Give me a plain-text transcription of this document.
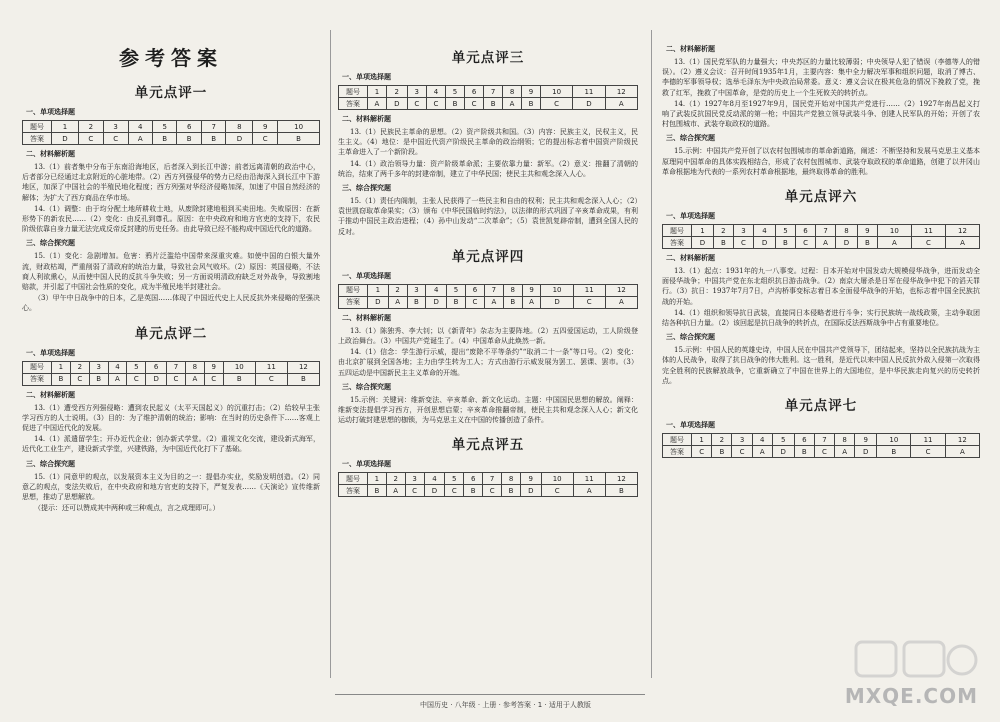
参考答案
单元点评一
一、单项选择题
题号	1	2	3	4	5	6	7	8	9	10
答案	D	C	C	A	B	B	B	D	C	B
二、材料解析题

13.（1）前者集中分布于东南沿海地区，后者深入到长江中游；前者远离清朝的政治中心，后者部分已经通过北京附近的心脏地带。（2）西方列强侵华的势力已经由沿海深入到长江中下游地区，加深了中国社会的半殖民地化程度；西方列强对华经济侵略加深，加速了中国自然经济的解体；为扩大了西方商品在华市场。

14.（1）调整：由于均分配土地所耕收土地，从废除封建地租到买卖田地。失败原因：在新形势下的新农民……（2）变化：由反孔到尊孔。原因：在中央政府和地方官吏的支持下，农民阶级依靠自身力量无法完成反帝反封建的历史任务。由此导致已经不能构成中国近代化的道路。

三、综合探究题

15.（1）变化：急剧增加。危害：鸦片泛滥给中国带来深重灾难。如使中国的白银大量外流，财政枯竭，严重削弱了清政府的统治力量，导致社会风气败坏。（2）原因：英国侵略，不法商人利欲熏心，从而使中国人民的反抗斗争失败；另一方面说明清政府缺乏对外战争，导致割地赔款，并引起了中国社会性质的变化，成为半殖民地半封建社会。

（3）甲午中日战争中的日本，乙是英国……体现了中国近代史上人民反抗外来侵略的坚强决心。

单元点评二
一、单项选择题
题号	1	2	3	4	5	6	7	8	9	10	11	12
答案	B	C	B	A	C	D	C	A	C	B	C	B
二、材料解析题

13.（1）遭受西方列强侵略：遭到农民起义（太平天国起义）的沉重打击；（2）给较早主张学习西方的人士说明。（3）目的：为了维护清朝的统治；影响：在当时的历史条件下……客观上促进了中国近代化的发展。

14.（1）派遣留学生；开办近代企业；创办新式学堂。（2）重视文化交流，建设新式海军，近代化工业生产，建设新式学堂，兴建铁路，为中国近代化打下了基础。

三、综合探究题

15.（1）同意甲的观点，以发展资本主义为目的之一：提倡办实业，奖励发明创造。（2）同意乙的观点，变法失败后，在中央政府和地方官吏的支持下，严复发表……《天演论》宣传维新思想，推动了思想解放。

（提示：还可以赞成其中两种或三种观点，言之成理即可。）

单元点评三
一、单项选择题
题号	1	2	3	4	5	6	7	8	9	10	11	12
答案	A	D	C	C	B	C	B	A	B	C	D	A
二、材料解析题

13.（1）民族民主革命的思想。（2）资产阶级共和国。（3）内容：民族主义，民权主义，民生主义。（4）地位：是中国近代资产阶级民主革命的政治纲领；它的提出标志着中国资产阶级民主革命进入了一个新阶段。

14.（1）政治领导力量：资产阶级革命派；主要依靠力量：新军。（2）意义：推翻了清朝的统治，结束了两千多年的封建帝制，建立了中华民国；使民主共和观念深入人心。

三、综合探究题

15.（1）责任内阁制，主张人民获得了一些民主和自由的权利；民主共和观念深入人心；（2）袁世凯窃取革命果实；（3）颁布《中华民国临时约法》，以法律的形式巩固了辛亥革命成果，有利于推动中国民主政治进程；（4）孙中山发动“二次革命”；（5）袁世凯复辟帝制，遭到全国人民的反对。

单元点评四
一、单项选择题
题号	1	2	3	4	5	6	7	8	9	10	11	12
答案	D	A	B	D	B	C	A	B	A	D	C	A
二、材料解析题

13.（1）陈独秀、李大钊；以《新青年》杂志为主要阵地。（2）五四爱国运动，工人阶级登上政治舞台。（3）中国共产党诞生了。（4）中国革命从此焕然一新。

14.（1）信念：学生游行示威，提出“废除不平等条约”“取消二十一条”等口号。（2）变化：由北京扩展到全国各地；主力由学生转为工人；方式由游行示威发展为罢工、罢课、罢市。（3）五四运动是中国新民主主义革命的开端。

三、综合探究题

15.示例：关键词：维新变法、辛亥革命、新文化运动。主题：中国国民思想的解放。阐释：维新变法提倡学习西方，开创思想启蒙；辛亥革命推翻帝制，使民主共和观念深入人心；新文化运动打破封建思想的枷锁，为马克思主义在中国的传播创造了条件。

单元点评五
一、单项选择题
题号	1	2	3	4	5	6	7	8	9	10	11	12
答案	B	A	C	D	C	B	C	B	D	C	A	B
二、材料解析题

13.（1）国民党军队的力量强大；中央苏区的力量比较薄弱；中央领导人犯了错误（李德等人的错误）。（2）遵义会议：召开时间1935年1月，主要内容：集中全力解决军事和组织问题，取消了博古、李德的军事领导权；选举毛泽东为中央政治局常委。意义：遵义会议在极其危急的情况下挽救了党，挽救了红军，挽救了中国革命，是党的历史上一个生死攸关的转折点。

14.（1）1927年8月至1927年9月，国民党开始对中国共产党进行……（2）1927年南昌起义打响了武装反抗国民党反动派的第一枪；中国共产党独立领导武装斗争、创建人民军队的开始；开创了农村包围城市、武装夺取政权的道路。

三、综合探究题

15.示例：中国共产党开创了以农村包围城市的革命新道路，阐述：不断坚持和发展马克思主义基本原理同中国革命的具体实践相结合，形成了农村包围城市、武装夺取政权的革命道路，创建了以井冈山革命根据地为代表的一系列农村革命根据地，最终取得革命的胜利。

单元点评六
一、单项选择题
题号	1	2	3	4	5	6	7	8	9	10	11	12
答案	D	B	C	D	B	C	A	D	B	A	C	A
二、材料解析题

13.（1）起点：1931年的九一八事变。过程：日本开始对中国发动大规模侵华战争，进而发动全面侵华战争；中国共产党在东北组织抗日游击战争。（2）南京大屠杀是日军在侵华战争中犯下的滔天罪行。（3）抗日：1937年7月7日，卢沟桥事变标志着日本全面侵华战争的开始，也标志着中国全民族抗战的开始。

14.（1）组织和领导抗日武装，直接同日本侵略者进行斗争；实行民族统一战线政策，主动争取团结各种抗日力量。（2）该回起是抗日战争的转折点，在国际反法西斯战争中占有重要地位。

三、综合探究题

15.示例：中国人民的英雄史诗，中国人民在中国共产党领导下，团结起来，坚持以全民族抗战为主体的人民战争，取得了抗日战争的伟大胜利。这一胜利，是近代以来中国人民反抗外敌入侵第一次取得完全胜利的民族解放战争，它重新确立了中国在世界上的大国地位，是中华民族走向复兴的历史转折点。

单元点评七
一、单项选择题
题号	1	2	3	4	5	6	7	8	9	10	11	12
答案	C	B	C	A	D	B	C	A	D	B	C	A
中国历史 · 八年级 · 上册 · 参考答案 · 1 · 适用于人教版	MXQE.COM
